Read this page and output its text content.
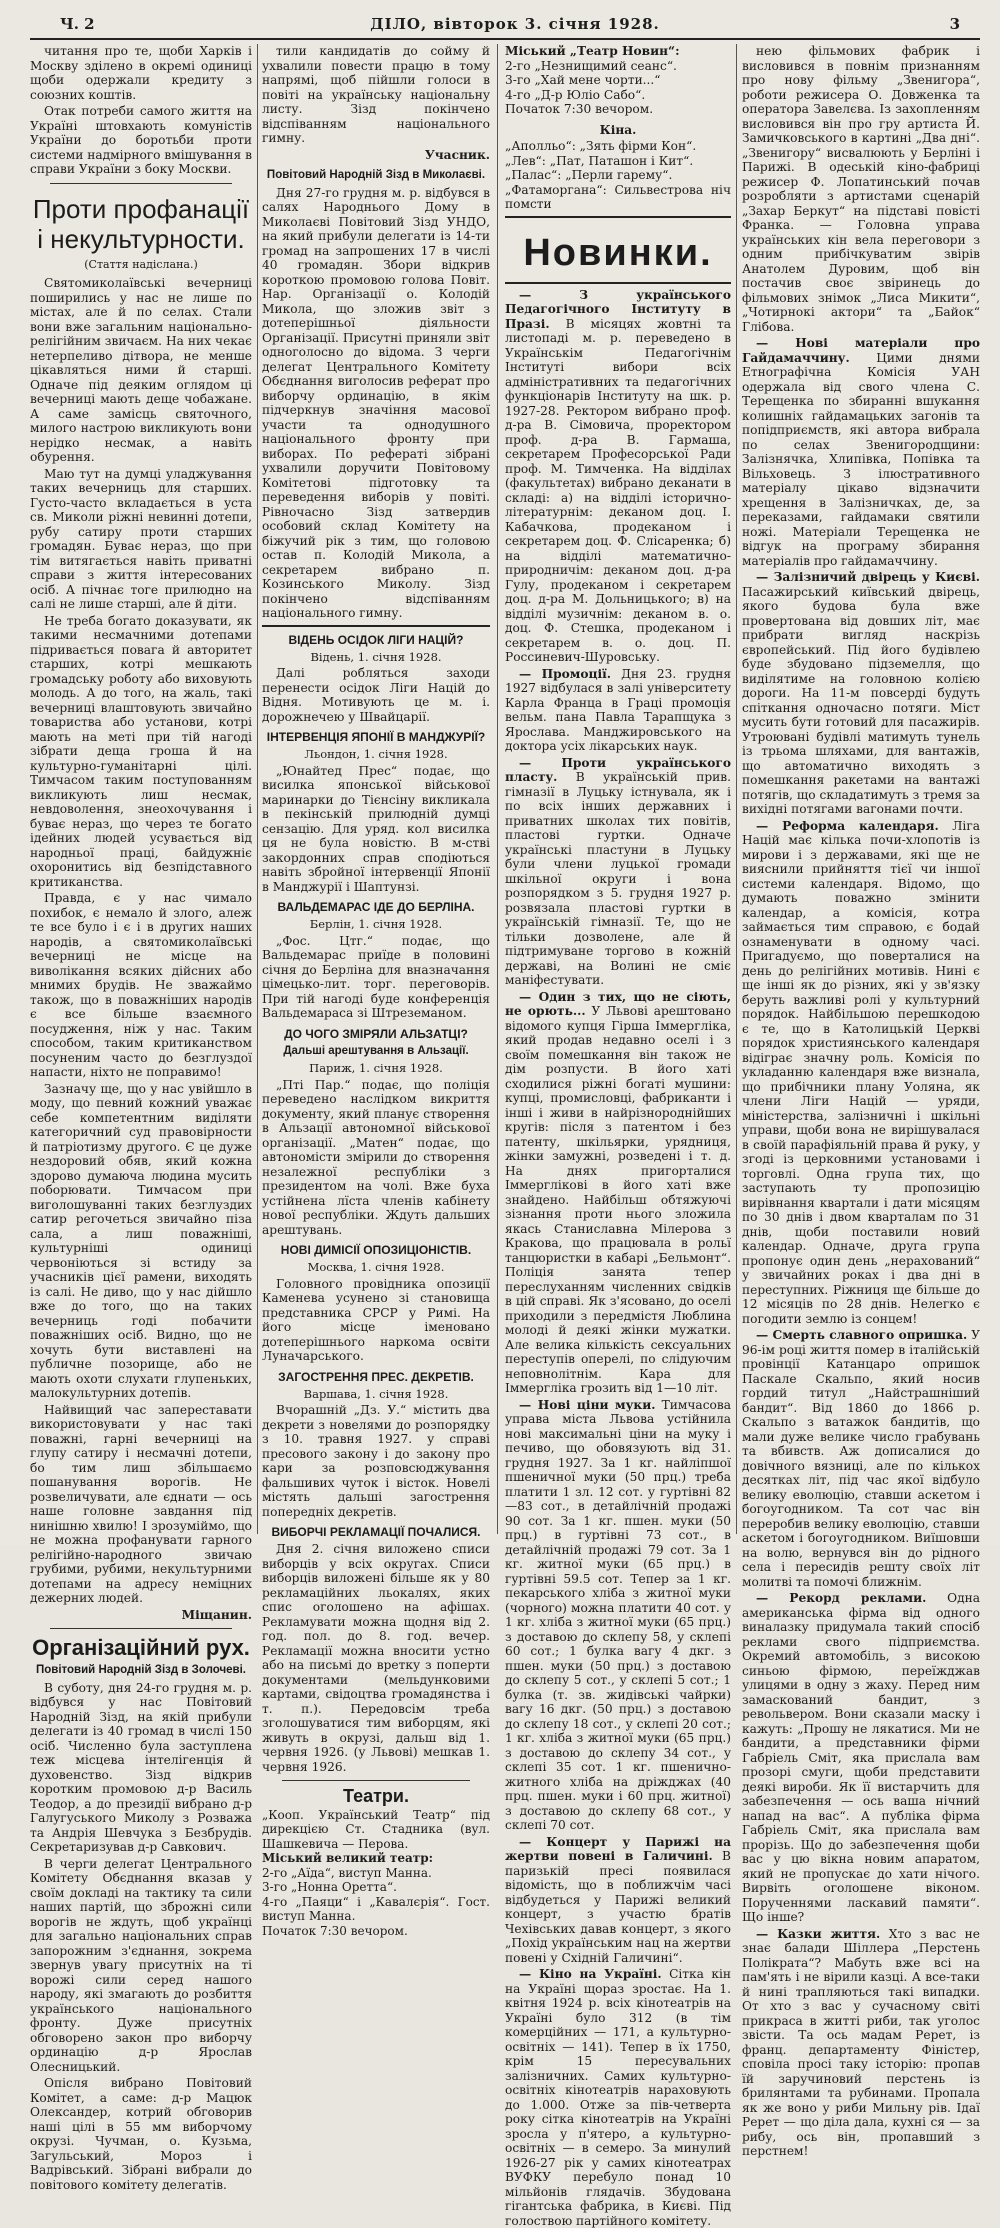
Ч. 2	ДІЛО, вівторок 3. січня 1928.	3

читання про те, щоби Харків і Москву зділено в окремі одиниці щоби одержали кредиту з союзних коштів.

Отак потреби самого життя на Україні штовхають комуністів України до боротьби проти системи надмірного вмішування в справи України з боку Москви.

Проти профанації і некультурности.
(Стаття надіслана.)

Святомиколаївські вечерниці поширились у нас не лише по містах, але й по селах. Стали вони вже загальним національно-релігійним звичаєм. На них чекає нетерпеливо дітвора, не менше цікавляться ними й старші. Одначе під деяким оглядом ці вечерниці мають деще чобажане. А саме замісць святочного, милого настрою викликують вони нерідко несмак, а навіть обурення.

Маю тут на думці уладжування таких вечерниць для старших. Густо-часто вкладається в уста св. Миколи ріжні невинні дотепи, рубу сатиру проти старших громадян. Буває нераз, що при тім витягається навіть приватні справи з життя інтересованих осіб. А пічнає тоге прилюдно на салі не лише старші, але й діти.

Не треба богато доказувати, як такими несмачними дотепами підривається повага й авторитет старших, котрі мешкають громадську роботу або виховують молодь. А до того, на жаль, такі вечерниці влаштовують звичайно товариства або установи, котрі мають на меті при тій нагоді зібрати деща гроша й на культурно-гуманітарні цілі. Тимчасом таким поступованням викликують лиш несмак, невдоволення, знеохочування і буває нераз, що через те богато ідейних людей усувається від народньої праці, байдужніє охоронитись від безпідставного критиканства.

Правда, є у нас чимало похибок, є немало й злого, алеж те все було і є і в других наших народів, а святомиколаївські вечерниці не місце на виволікання всяких дійсних або мнимих брудів. Не зважаймо також, що в поважніших народів є все більше взаємного посудження, ніж у нас. Таким способом, таким критиканством посуненим часто до безглуздої напасти, ніхто не поправимо!

Зазначу ще, що у нас увійшло в моду, що певний кожний уважає себе компетентним виділяти категоричний суд правовірности й патріотизму другого. Є це дуже нездоровий обяв, який кожна здорово думаюча людина мусить поборювати. Тимчасом при виголошуванні таких безглуздих сатир регочеться звичайно піза сала, а лиш поважніші, культурніші одиниці червоніються зі встиду за учасників цієї рамени, виходять із салі. Не диво, що у нас дійшло вже до того, що на таких вечерниць годі побачити поважніших осіб. Видно, що не хочуть бути виставлені на публичне позорище, або не мають охоти слухати глупеньких, малокультурних дотепів.

Найвищий час запереставати використовувати у нас такі поважні, гарні вечерниці на глупу сатиру і несмачні дотепи, бо тим лиш збільшаємо пошанування ворогів. Не розвеличувати, але єднати — ось наше головне завдання під нинішню хвилю! І зрозуміймо, що не можна профанувати гарного релігійно-народного звичаю грубими, рубими, некультурними дотепами на адресу неміцних дежерних людей.

Міщанин.
Організаційний рух.
Повітовий Народній Зізд в Золочеві.

В суботу, дня 24-го грудня м. р. відбувся у нас Повітовий Народній Зізд, на якій прибули делегати із 40 громад в числі 150 осіб. Численно була заступлена теж місцева інтелігенція й духовенство. Зізд відкрив коротким промовою д-р Василь Теодор, а до президії вибрано д-р Галугуського Миколу з Розважа та Андрія Шевчука з Безбрудів. Секретаризував д-р Савкович.

В черги делегат Центрального Комітету Обєднання вказав у своїм докладі на тактику та сили наших партій, що зброжні сили ворогів не ждуть, щоб українці для загально національних справ запорожним з'єднання, зокрема звернув увагу присутніх на ті ворожі сили серед нашого народу, які змагають до розбиття українського національного фронту. Дуже присутніх обговорено закон про виборчу ординацію д-р Ярослав Олесницький.

Опісля вибрано Повітовий Комітет, а саме: д-р Мацюк Олександер, котрий обговорив наші цілі в 55 мм виборчому окрузі. Чучман, о. Кузьма, Загульський, Мороз і Вадрівський. Зібрані вибрали до повітового комітету делегатів.

тили кандидатів до сойму й ухвалили повести працю в тому напрямі, щоб пійшли голоси в повіті на українську національну листу. Зізд покінчено відспіванням національного гимну.

Учасник.
Повітовий Народній Зізд в Миколаєві.

Дня 27-го грудня м. р. відбувся в салях Народнього Дому в Миколаєві Повітовий Зізд УНДО, на який прибули делегати із 14-ти громад на запрошених 17 в числі 40 громадян. Збори відкрив короткою промовою голова Повіт. Нар. Організації о. Колодій Микола, що зложив звіт з дотеперішньої діяльности Організації. Присутні приняли звіт одноголосно до відома. З черги делегат Центрального Комітету Обєднання виголосив реферат про виборчу ординацію, в якім підчеркнув значіння масової участи та однодушного національного фронту при виборах. По рефераті зібрані ухвалили доручити Повітовому Комітетові підготовку та переведення виборів у повіті. Рівночасно Зізд затвердив особовий склад Комітету на біжучий рік з тим, що головою остав п. Колодій Микола, а секретарем вибрано п. Козинського Миколу. Зізд покінчено відспіванням національного гимну.

ВІДЕНЬ ОСІДОК ЛІГИ НАЦІЙ?
Відень, 1. січня 1928.

Далі робляться заходи перенести осідок Ліги Націй до Відня. Мотивують це м. і. дорожнечею у Швайцарії.

ІНТЕРВЕНЦІЯ ЯПОНІЇ В МАНДЖУРІЇ?
Льондон, 1. січня 1928.

„Юнайтед Прес“ подає, що висилка японської військової маринарки до Тієнсіну викликала в пекінській прилюдній думці сензацію. Для уряд. кол висилка ця не була новістю. В м-стві закордонних справ сподіються навіть збройної інтервенції Японії в Манджурії і Шаптунзі.

ВАЛЬДЕМАРАС ІДЕ ДО БЕРЛІНА.
Берлін, 1. січня 1928.

„Фос. Цтг.“ подає, що Вальдемарас приїде в половині січня до Берліна для вназначання цімецько-лит. торг. переговорів. При тій нагоді буде конференція Вальдемараса зі Штреземаном.

ДО ЧОГО ЗМІРЯЛИ АЛЬЗАТЦІ?
Дальші арештування в Альзації.
Париж, 1. січня 1928.

„Пті Пар.“ подає, що поліція переведено наслідком викриття документу, який планує створення в Альзації автономної військової організації. „Матен“ подає, що автономісти змірили до створення незалежної республіки з президентом на чолі. Вже буха устійнена лїста членів кабінету нової республіки. Ждуть дальших арештувань.

НОВІ ДИМІСІЇ ОПОЗИЦІОНІСТІВ.
Москва, 1. січня 1928.

Головного провідника опозиції Каменева усунено зі становища представника СРСР у Римі. На його місце іменовано дотеперішнього наркома освіти Луначарського.

ЗАГОСТРЕННЯ ПРЕС. ДЕКРЕТІВ.
Варшава, 1. січня 1928.

Вчорашній „Дз. У.“ містить два декрети з новелями до розпорядку з 10. травня 1927. у справі пресового закону і до закону про кари за розповсюджування фальшивих чуток і вісток. Новелі містять дальші загострення попередніх декретів.

ВИБОРЧІ РЕКЛАМАЦІЇ ПОЧАЛИСЯ.

Дня 2. січня виложено списи виборців у всіх округах. Списи виборців виложені більше як у 80 рекламаційних льокалях, яких спис оголошено на афішах. Рекламувати можна щодня від 2. год. пол. до 8. год. вечер. Рекламації можна вносити устно або на письмі до вретку з поперти документами (мельдунковими картами, свідоцтва громадянства і т. п.). Передовсім треба зголошуватися тим виборцям, які живуть в окрузі, дальш від 1. червня 1926. (у Львові) мешкав 1. червня 1926.

Театри.
„Кооп. Український Театр“ під дирекцією Ст. Стадника (вул. Шашкевича — Перова.
Міський великий театр:
2-го „Аїда“, виступ Манна.
3-го „Нонна Оретта“.
4-го „Паяци“ і „Кавалєрія“. Гост. виступ Манна.
Початок 7:30 вечором.
Міський „Театр Новин“:
2-го „Незнищимий сеанс“.
3-го „Хай мене чорти...“
4-го „Д-р Юліо Сабо“.
Початок 7:30 вечором.
Кіна.
„Аполльо“: „Зять фірми Кон“.
„Лев“: „Пат, Паташон і Кит“.
„Палас“: „Перли гарему“.
„Фатаморгана“: Сильвестрова ніч помсти
Новинки.

— З українського Педагогічного Інституту в Празі. В місяцях жовтні та листопаді м. р. переведено в Українськім Педагогічнім Інституті вибори всіх адміністративних та педагогічних функціонарів Інституту на шк. р. 1927-28. Ректором вибрано проф. д-ра В. Сімовича, проректором проф. д-ра В. Гармаша, секретарем Професорської Ради проф. М. Тимченка. На відділах (факультетах) вибрано деканати в складі: а) на відділі історично-літературнім: деканом доц. І. Кабачкова, продеканом і секретарем доц. Ф. Слісаренка; б) на відділі математично-природничім: деканом доц. д-ра Гулу, продеканом і секретарем доц. д-ра М. Дольницького; в) на відділі музичнім: деканом в. о. доц. Ф. Стешка, продеканом і секретарем в. о. доц. П. Россиневич-Шуровську.

— Промоції. Дня 23. грудня 1927 відбулася в залі університету Карла Франца в Граці промоція вельм. пана Павла Тарапщука з Ярослава. Манджировського на доктора усіх лікарських наук.

— Проти українського пласту. В українській прив. гімназії в Луцьку істнувала, як і по всіх інших державних і приватних школах тих повітів, пластові гуртки. Одначе українські пластуни в Луцьку були члени луцької громади шкільної округи і вона розпорядком з 5. грудня 1927 р. розвязала пластові гуртки в українській гімназії. Те, що не тільки дозволене, але й підтримуване торгово в кожній державі, на Волині не сміє маніфестувати.

— Один з тих, що не сіють, не орють... У Львові арештовано відомого купця Гірша Іммергліка, який продав недавно оселі і з своїм помешкання він також не дім розпусти. В його хаті сходилися ріжні богаті мушини: купці, промисловці, фабриканти і інші і живи в найрізнороднійших кругів: після з патентом і без патенту, шкільярки, урядниця, жінки замужні, розведені і т. д. На днях пригорталися Іммерглікові в його хаті вже знайдено. Найбільш обтяжуючі зізнання проти нього зложила якась Станиславна Мілерова з Кракова, що працювала в рольї танцюристки в кабарі „Бельмонт“. Поліція занята тепер переслуханням численних свідків в цій справі. Як з'ясовано, до оселі приходили з передмістя Люблина молоді й деякі жінки мужатки. Але велика кількість сексуальних переступів оперелі, по слідуючим неповнолітнім. Кара для Іммергліка грозить від 1—10 літ.

— Нові ціни муки. Тимчасова управа міста Львова устійнила нові максимальні ціни на муку і печиво, що обовязують від 31. грудня 1927. За 1 кг. найліпшої пшеничної муки (50 прц.) треба платити 1 зл. 12 сот. у гуртівні 82—83 сот., в детайлічній продажі 90 сот. За 1 кг. пшен. муки (50 прц.) в гуртівні 73 сот., в детайлічній продажі 79 сот. За 1 кг. житної муки (65 прц.) в гуртівні 59.5 сот. Тепер за 1 кг. пекарського хліба з житної муки (чорного) можна платити 40 сот. у 1 кг. хліба з житної муки (65 прц.) з доставою до склепу 58, у склепі 60 сот.; 1 булка вагу 4 дкг. з пшен. муки (50 прц.) з доставою до склепу 5 сот., у склепі 5 сот.; 1 булка (т. зв. жидівські чайрки) вагу 16 дкг. (50 прц.) з доставою до склепу 18 сот., у склепі 20 сот.; 1 кг. хліба з житної муки (65 прц.) з доставою до склепу 34 сот., у склепі 35 сот. 1 кг. пшенично-житного хліба на дріжджах (40 прц. пшен. муки і 60 прц. житної) з доставою до склепу 68 сот., у склепі 70 сот.

— Концерт у Парижі на жертви повені в Галичині. В паризькій пресі появилася відомість, що в поближчім часі відбудеться у Парижі великий концерт, з участю братів Чехівських давав концерт, з якого „Похід українським нац на жертви повені у Східній Галичині“.

— Кіно на Україні. Сітка кін на Україні щораз зростає. На 1. квітня 1924 р. всіх кінотеатрів на Україні було 312 (в тім комерційних — 171, а культурно-освітніх — 141). Тепер в їх 1750, крім 15 пересувальних залізничних. Самих культурно-освітніх кінотеатрів нараховують до 1.000. Отже за пів-четверта року сітка кінотеатрів на Україні зросла у п'ятеро, а культурно-освітніх — в семеро. За минулий 1926-27 рік у самих кінотеатрах ВУФКУ перебуло понад 10 мільйонів глядачів. Збудована гігантська фабрика, в Києві. Під голоствою партійного комітету.

нею фільмових фабрик і висловився в повнім признанням про нову фільму „Звенигора“, роботи режисера О. Довженка та оператора Завелєва. Із захопленням висловився він про гру артиста Й. Замичковського в картині „Два дні“. „Звенигору“ висвалюють у Берліні і Парижі. В одеській кіно-фабриці режисер Ф. Лопатинський почав розробляти з артистами сценарій „Захар Беркут“ на підставі повісті Франка. — Головна управа українських кін вела переговори з одним прибічкуватим звірів Анатолем Дуровим, щоб він постачив своє звіринець до фільмових знімок „Лиса Микити“, „Чотирнокі актори“ та „Байок“ Глібова.

— Нові матеріали про Гайдамаччину. Цими днями Етнографічна Комісія УАН одержала від свого члена С. Терещенка по збиранні вшукання колишніх гайдамацьких загонів та попідприємств, які автора вибрала по селах Звенигородщини: Залізнячка, Хлипівка, Попівка та Вільховець. З ілюстративного матеріалу цікаво відзначити хрещення в Залізничках, де, за переказами, гайдамаки святили ножі. Матеріали Терещенка не відгук на програму збирання матеріалів про гайдамаччину.

— Залізничий двірець у Києві. Пасажирський київський двірець, якого будова була вже провертована від довших літ, має прибрати вигляд наскрізь європейський. Під його будівлею буде збудовано підземелля, що виділятиме на головною колією дороги. На 11-м повсерді будуть спіткання одночасно потяги. Міст мусить бути готовий для пасажирів. Утроювані будівлі матимуть тунель із трьома шляхами, для вантажів, що автоматично виходять з помешкання ракетами на вантажі потягів, що складатимуть з тремя за вихідні потягами вагонами почти.

— Реформа календаря. Ліга Націй має кілька почи-хлопотів із мирови і з державами, які ще не вияснили прийняття тієї чи іншої системи календаря. Відомо, що думають поважно змінити календар, а комісія, котра займається тим справою, є бодай ознаменувати в одному часі. Пригадуємо, що поверталися на день до релігійних мотивів. Нині є ще інші як до різних, які у зв'язку беруть важливі ролі у культурний порядок. Найбільшою перешкодою є те, що в Католицькій Церкві порядок християнського календаря відіграє значну роль. Комісія по укладанню календаря вже визнала, що прибічники плану Уоляна, як члени Ліги Націй — уряди, міністерства, залізничні і шкільні управи, щоби вона не вирішувалася в своїй парафіяльній права й руку, у згоді із церковними установами і торговлі. Одна група тих, що заступають ту пропозицію вирівнання квартали і дати місяцям по 30 днів і двом кварталам по 31 днів, щоби поставили новий календар. Одначе, друга група пропонує один день „нерахований“ у звичайних роках і два дні в переступних. Ріжниця ще більше до 12 місяців по 28 днів. Нелегко є погодити землю із сонцем!

— Смерть славного опришка. У 96-ім році життя помер в італійській провінції Катанцаро опришок Паскале Скальпо, який носив гордий титул „Найстрашніший бандит“. Від 1860 до 1866 р. Скальпо з ватажок бандитів, що мали дуже велике число грабувань та вбивств. Аж дописалися до довічного вязниці, але по кількох десятках літ, під час якої відбуло велику еволюцію, ставши аскетом і богоугодником. Та сот час він переробив велику еволюцію, ставши аскетом і богоугодником. Виїшовши на волю, вернувся він до рідного села і пересидів решту своїх літ молитві та помочі ближнім.

— Рекорд реклами. Одна американська фірма від одного виналазку придумала такий спосіб реклами свого підприємства. Окремий автомобіль, з високою синьою фірмою, переїжджав улицями в одну з жаху. Перед ним замаскований бандит, з револьвером. Вони сказали маску і кажуть: „Прошу не лякатися. Ми не бандити, а представники фірми Габріель Сміт, яка прислала вам прозорі смуги, щоби представити деякі вироби. Як її вистарчить для забезпечення — ось ваша нічний напад на вас“. А публіка фірма Габріель Сміт, яка прислала вам прорізь. Що до забезпечення щоби вас у цю вікна новим апаратом, який не пропускає до хати нічого. Вирвіть оголошене віконом. Порученнями ласкавий памяти“. Що інше?

— Казки життя. Хто з вас не знає балади Шіллера „Перстень Полікрата“? Мабуть вже всі на пам'ять і не вірили казці. А все-таки й нині трапляються такі випадки. От хто з вас у сучасному світі прикраса в житті риби, так уголос звісти. Та ось мадам Ререт, із франц. департаменту Фіністер, сповіла просі таку історію: пропав їй заручиновий перстень із брилянтами та рубинами. Пропала як же воно у риби Мильну рів. Ідаї Ререт — що діла дала, кухні ся — за рибу, ось він, пропавший з перстнем!
